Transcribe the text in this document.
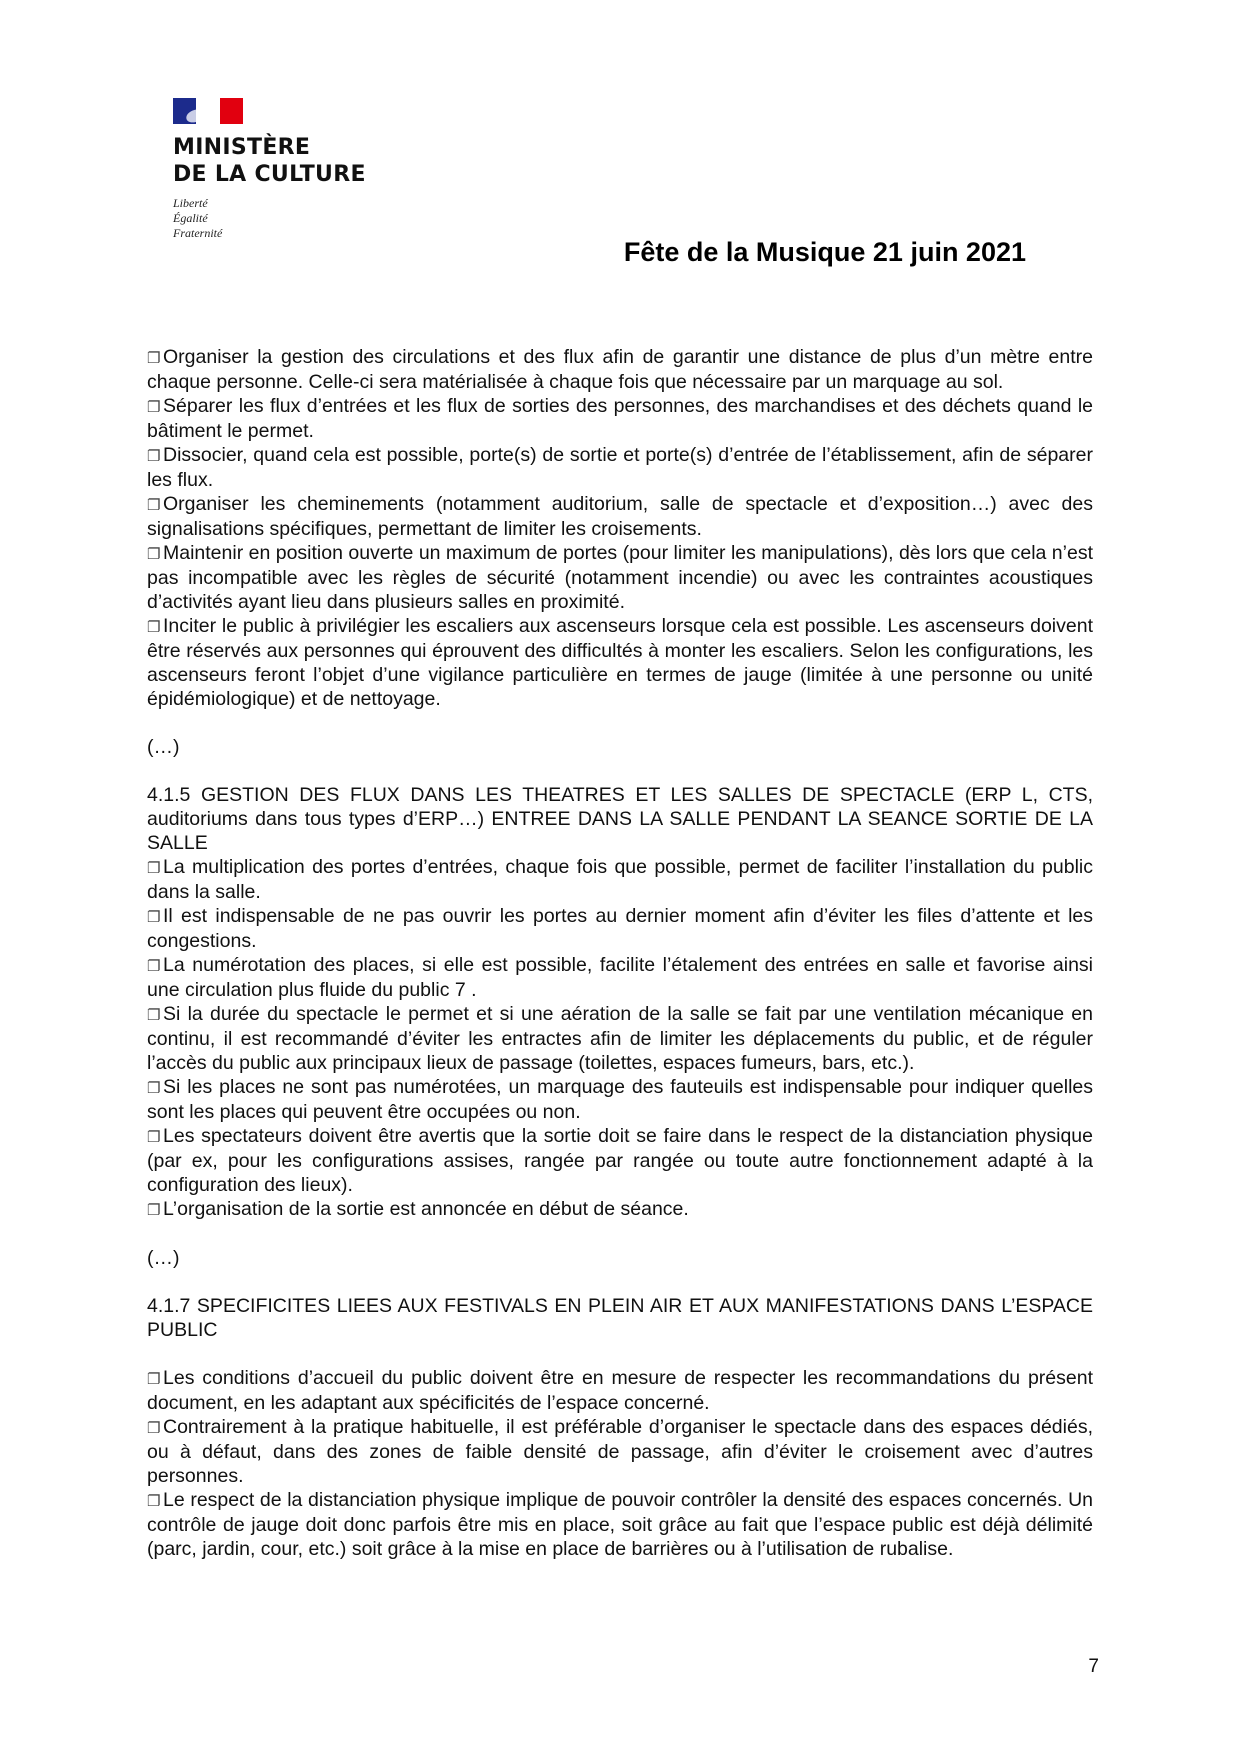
MINISTÈRE
DE LA CULTURE
Liberté
Égalité
Fraternité
Fête de la Musique 21 juin 2021

❐ Organiser la gestion des circulations et des flux afin de garantir une distance de plus d’un mètre entre chaque personne. Celle-ci sera matérialisée à chaque fois que nécessaire par un marquage au sol.

❐ Séparer les flux d’entrées et les flux de sorties des personnes, des marchandises et des déchets quand le bâtiment le permet.

❐ Dissocier, quand cela est possible, porte(s) de sortie et porte(s) d’entrée de l’établissement, afin de séparer les flux.

❐ Organiser les cheminements (notamment auditorium, salle de spectacle et d’exposition…) avec des signalisations spécifiques, permettant de limiter les croisements.

❐ Maintenir en position ouverte un maximum de portes (pour limiter les manipulations), dès lors que cela n’est pas incompatible avec les règles de sécurité (notamment incendie) ou avec les contraintes acoustiques d’activités ayant lieu dans plusieurs salles en proximité.

❐ Inciter le public à privilégier les escaliers aux ascenseurs lorsque cela est possible. Les ascenseurs doivent être réservés aux personnes qui éprouvent des difficultés à monter les escaliers. Selon les configurations, les ascenseurs feront l’objet d’une vigilance particulière en termes de jauge (limitée à une personne ou unité épidémiologique) et de nettoyage.

(…)

4.1.5 GESTION DES FLUX DANS LES THEATRES ET LES SALLES DE SPECTACLE (ERP L, CTS, auditoriums dans tous types d’ERP…) ENTREE DANS LA SALLE PENDANT LA SEANCE SORTIE DE LA SALLE

❐ La multiplication des portes d’entrées, chaque fois que possible, permet de faciliter l’installation du public dans la salle.

❐ Il est indispensable de ne pas ouvrir les portes au dernier moment afin d’éviter les files d’attente et les congestions.

❐ La numérotation des places, si elle est possible, facilite l’étalement des entrées en salle et favorise ainsi une circulation plus fluide du public 7 .

❐ Si la durée du spectacle le permet et si une aération de la salle se fait par une ventilation mécanique en continu, il est recommandé d’éviter les entractes afin de limiter les déplacements du public, et de réguler l’accès du public aux principaux lieux de passage (toilettes, espaces fumeurs, bars, etc.).

❐ Si les places ne sont pas numérotées, un marquage des fauteuils est indispensable pour indiquer quelles sont les places qui peuvent être occupées ou non.

❐ Les spectateurs doivent être avertis que la sortie doit se faire dans le respect de la distanciation physique (par ex, pour les configurations assises, rangée par rangée ou toute autre fonctionnement adapté à la configuration des lieux).

❐ L’organisation de la sortie est annoncée en début de séance.

(…)

4.1.7 SPECIFICITES LIEES AUX FESTIVALS EN PLEIN AIR ET AUX MANIFESTATIONS DANS L’ESPACE PUBLIC

❐ Les conditions d’accueil du public doivent être en mesure de respecter les recommandations du présent document, en les adaptant aux spécificités de l’espace concerné.

❐ Contrairement à la pratique habituelle, il est préférable d’organiser le spectacle dans des espaces dédiés, ou à défaut, dans des zones de faible densité de passage, afin d’éviter le croisement avec d’autres personnes.

❐ Le respect de la distanciation physique implique de pouvoir contrôler la densité des espaces concernés. Un contrôle de jauge doit donc parfois être mis en place, soit grâce au fait que l’espace public est déjà délimité (parc, jardin, cour, etc.) soit grâce à la mise en place de barrières ou à l’utilisation de rubalise.

7
